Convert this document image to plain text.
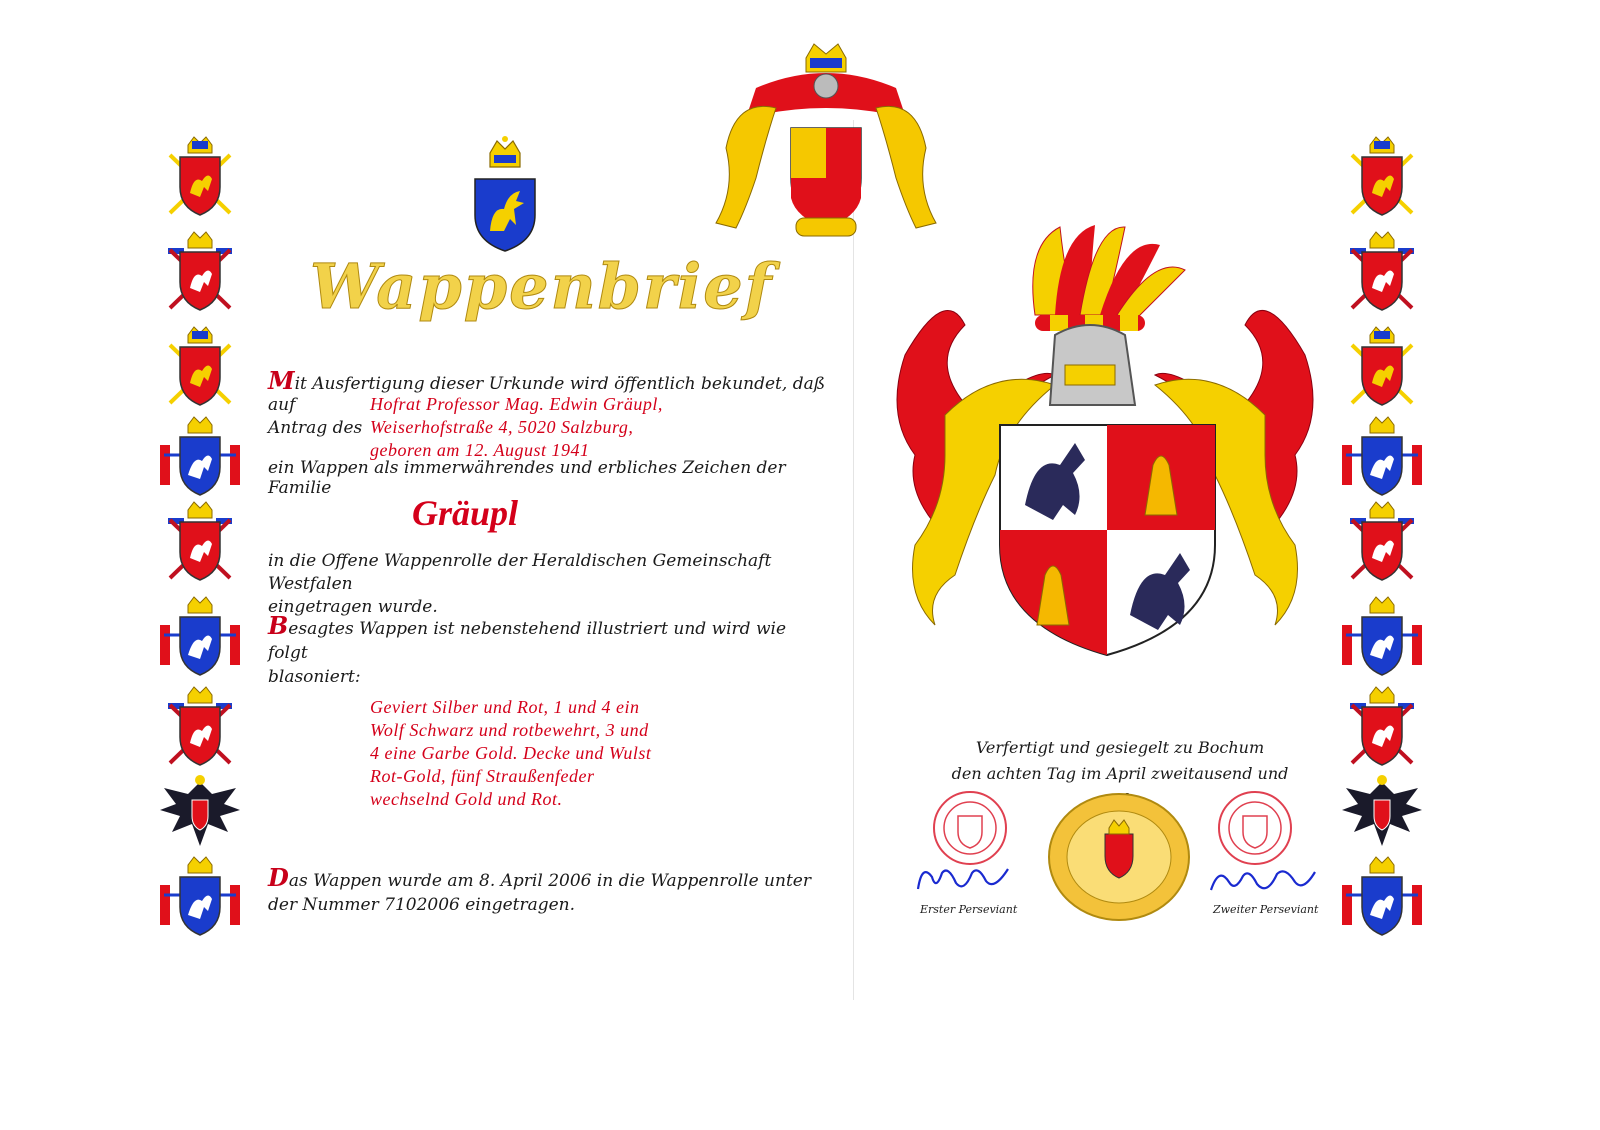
Wappenbrief
Mit Ausfertigung dieser Urkunde wird öffentlich bekundet, daß auf
Antrag des
Hofrat Professor Mag. Edwin Gräupl,
Weiserhofstraße 4, 5020 Salzburg,
geboren am 12. August 1941
ein Wappen als immerwährendes und erbliches Zeichen der Familie
Gräupl
in die Offene Wappenrolle der Heraldischen Gemeinschaft Westfalen
eingetragen wurde.
Besagtes Wappen ist nebenstehend illustriert und wird wie folgt
blasoniert:
Geviert Silber und Rot, 1 und 4 ein
Wolf Schwarz und rotbewehrt, 3 und
4 eine Garbe Gold. Decke und Wulst
Rot-Gold, fünf Straußenfeder
wechselnd Gold und Rot.
Das Wappen wurde am 8. April 2006 in die Wappenrolle unter
der Nummer 7102006 eingetragen.
Verfertigt und gesiegelt zu Bochum
den achten Tag im April zweitausend und
Erster Perseviant	Zweiter Perseviant
